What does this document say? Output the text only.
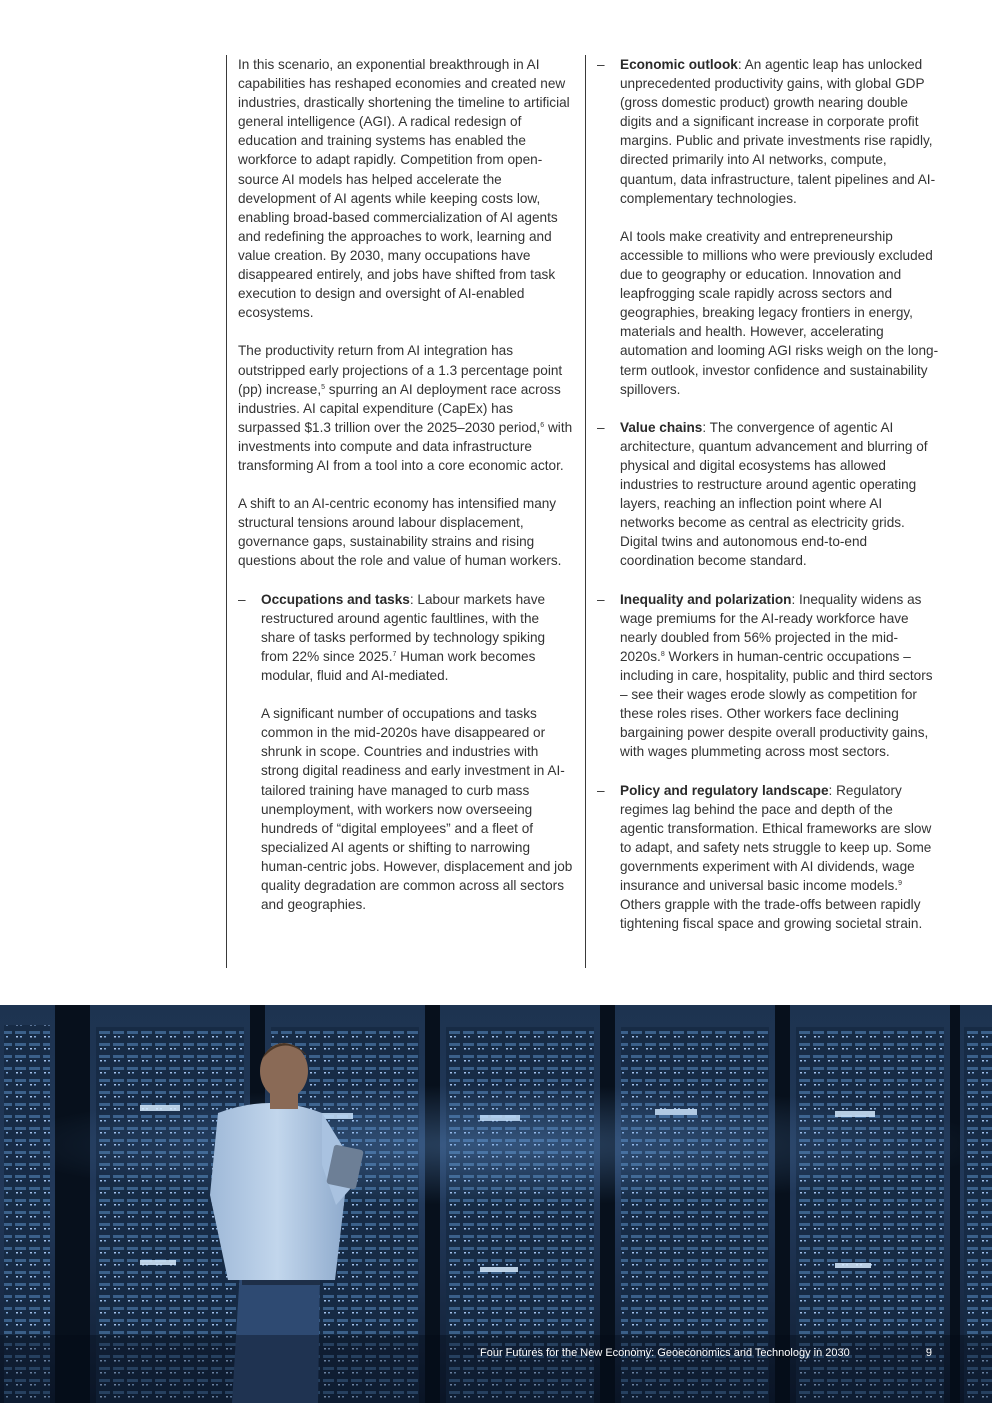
In this scenario, an exponential breakthrough in AI capabilities has reshaped economies and created new industries, drastically shortening the timeline to artificial general intelligence (AGI). A radical redesign of education and training systems has enabled the workforce to adapt rapidly. Competition from open-source AI models has helped accelerate the development of AI agents while keeping costs low, enabling broad-based commercialization of AI agents and redefining the approaches to work, learning and value creation. By 2030, many occupations have disappeared entirely, and jobs have shifted from task execution to design and oversight of AI-enabled ecosystems.

The productivity return from AI integration has outstripped early projections of a 1.3 percentage point (pp) increase,$^5$ spurring an AI deployment race across industries. AI capital expenditure (CapEx) has surpassed $1.3 trillion over the 2025–2030 period,$^6$ with investments into compute and data infrastructure transforming AI from a tool into a core economic actor.

A shift to an AI-centric economy has intensified many structural tensions around labour displacement, governance gaps, sustainability strains and rising questions about the role and value of human workers.

– Occupations and tasks: Labour markets have restructured around agentic faultlines, with the share of tasks performed by technology spiking from 22% since 2025.$^7$ Human work becomes modular, fluid and AI-mediated.

A significant number of occupations and tasks common in the mid-2020s have disappeared or shrunk in scope. Countries and industries with strong digital readiness and early investment in AI-tailored training have managed to curb mass unemployment, with workers now overseeing hundreds of “digital employees” and a fleet of specialized AI agents or shifting to narrowing human-centric jobs. However, displacement and job quality degradation are common across all sectors and geographies.

– Economic outlook: An agentic leap has unlocked unprecedented productivity gains, with global GDP (gross domestic product) growth nearing double digits and a significant increase in corporate profit margins. Public and private investments rise rapidly, directed primarily into AI networks, compute, quantum, data infrastructure, talent pipelines and AI-complementary technologies.

AI tools make creativity and entrepreneurship accessible to millions who were previously excluded due to geography or education. Innovation and leapfrogging scale rapidly across sectors and geographies, breaking legacy frontiers in energy, materials and health. However, accelerating automation and looming AGI risks weigh on the long-term outlook, investor confidence and sustainability spillovers.

– Value chains: The convergence of agentic AI architecture, quantum advancement and blurring of physical and digital ecosystems has allowed industries to restructure around agentic operating layers, reaching an inflection point where AI networks become as central as electricity grids. Digital twins and autonomous end-to-end coordination become standard.

– Inequality and polarization: Inequality widens as wage premiums for the AI-ready workforce have nearly doubled from 56% projected in the mid-2020s.$^8$ Workers in human-centric occupations – including in care, hospitality, public and third sectors – see their wages erode slowly as competition for these roles rises. Other workers face declining bargaining power despite overall productivity gains, with wages plummeting across most sectors.

– Policy and regulatory landscape: Regulatory regimes lag behind the pace and depth of the agentic transformation. Ethical frameworks are slow to adapt, and safety nets struggle to keep up. Some governments experiment with AI dividends, wage insurance and universal basic income models.$^9$ Others grapple with the trade-offs between rapidly tightening fiscal space and growing societal strain.

Four Futures for the New Economy: Geoeconomics and Technology in 2030	9
